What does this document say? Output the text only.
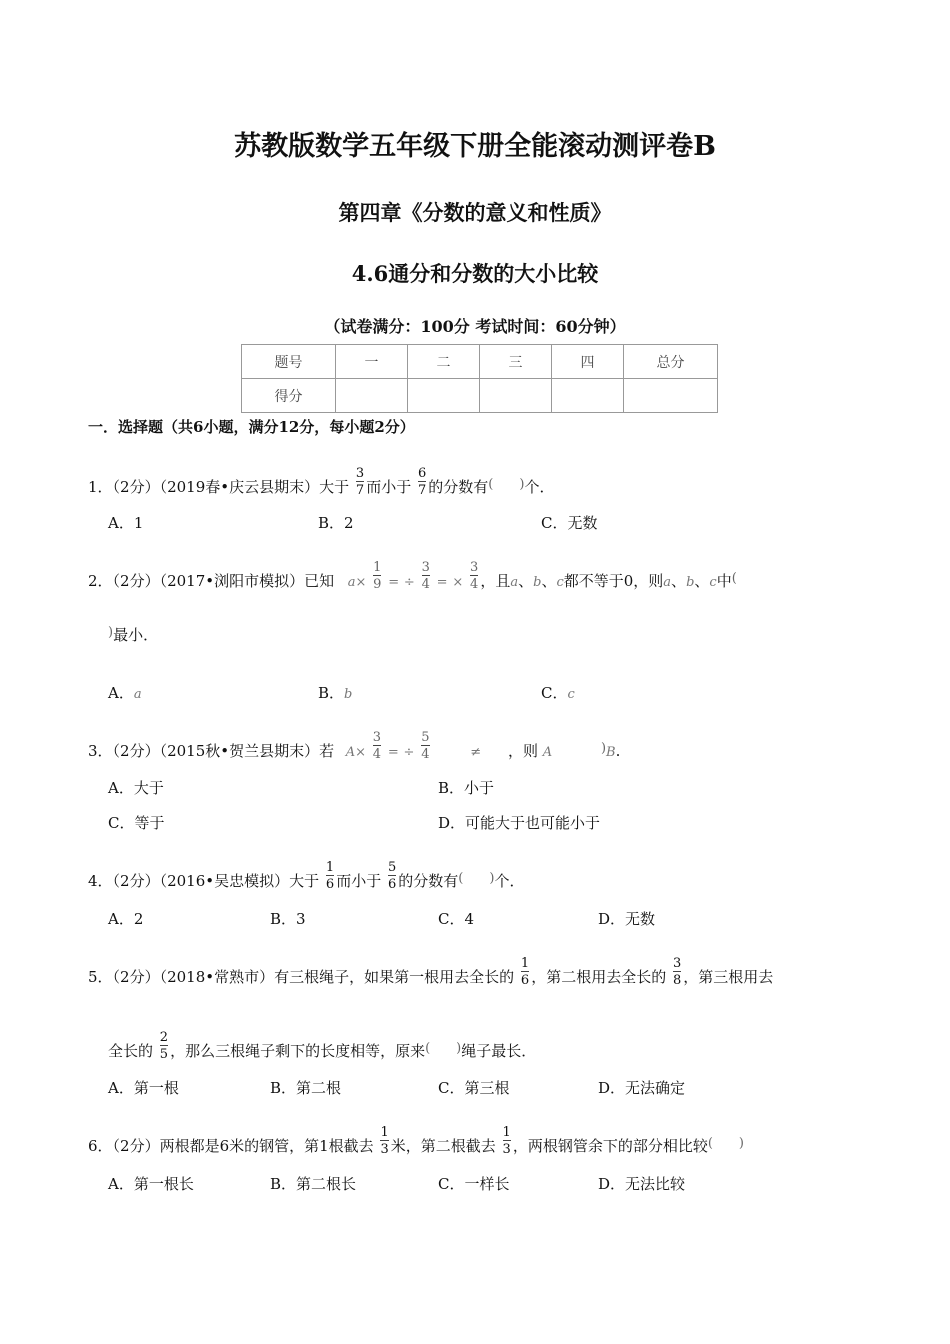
苏教版数学五年级下册全能滚动测评卷B
第四章《分数的意义和性质》
4.6通分和分数的大小比较
（试卷满分：100分 考试时间：60分钟）
题号	一	二	三	四	总分
得分					
一．选择题（共6小题，满分12分，每小题2分）
1．（2分）（2019春•庆云县期末）大于 $\frac{3}{7}$ 而小于 $\frac{6}{7}$ 的分数有(　　)个．
A．1	B．2	C．无数
2．（2分）（2017•浏阳市模拟）已知 $a\times \frac{1}{9}$ = ÷ $\frac{3}{4}$ = × $\frac{3}{4}$ ，且a、b、c都不等于0，则a、b、c中(
)最小．
A．a	B．b	C．c
3．（2分）（2015秋•贺兰县期末）若 $A\times \frac{3}{4}$ = ÷ $\frac{5}{4}$	≠ ，则 A	)B.
A．大于	B．小于
C．等于	D．可能大于也可能小于
4．（2分）（2016•吴忠模拟）大于 $\frac{1}{6}$ 而小于 $\frac{5}{6}$ 的分数有(　　)个．
A．2	B．3	C．4	D．无数
5．（2分）（2018•常熟市）有三根绳子，如果第一根用去全长的 $\frac{1}{6}$ ，第二根用去全长的 $\frac{3}{8}$ ，第三根用去
全长的 $\frac{2}{5}$ ，那么三根绳子剩下的长度相等，原来(　　)绳子最长．
A．第一根	B．第二根	C．第三根	D．无法确定
6．（2分）两根都是6米的钢管，第1根截去 $\frac{1}{3}$ 米，第二根截去 $\frac{1}{3}$ ，两根钢管余下的部分相比较(　　)
A．第一根长	B．第二根长	C．一样长	D．无法比较
